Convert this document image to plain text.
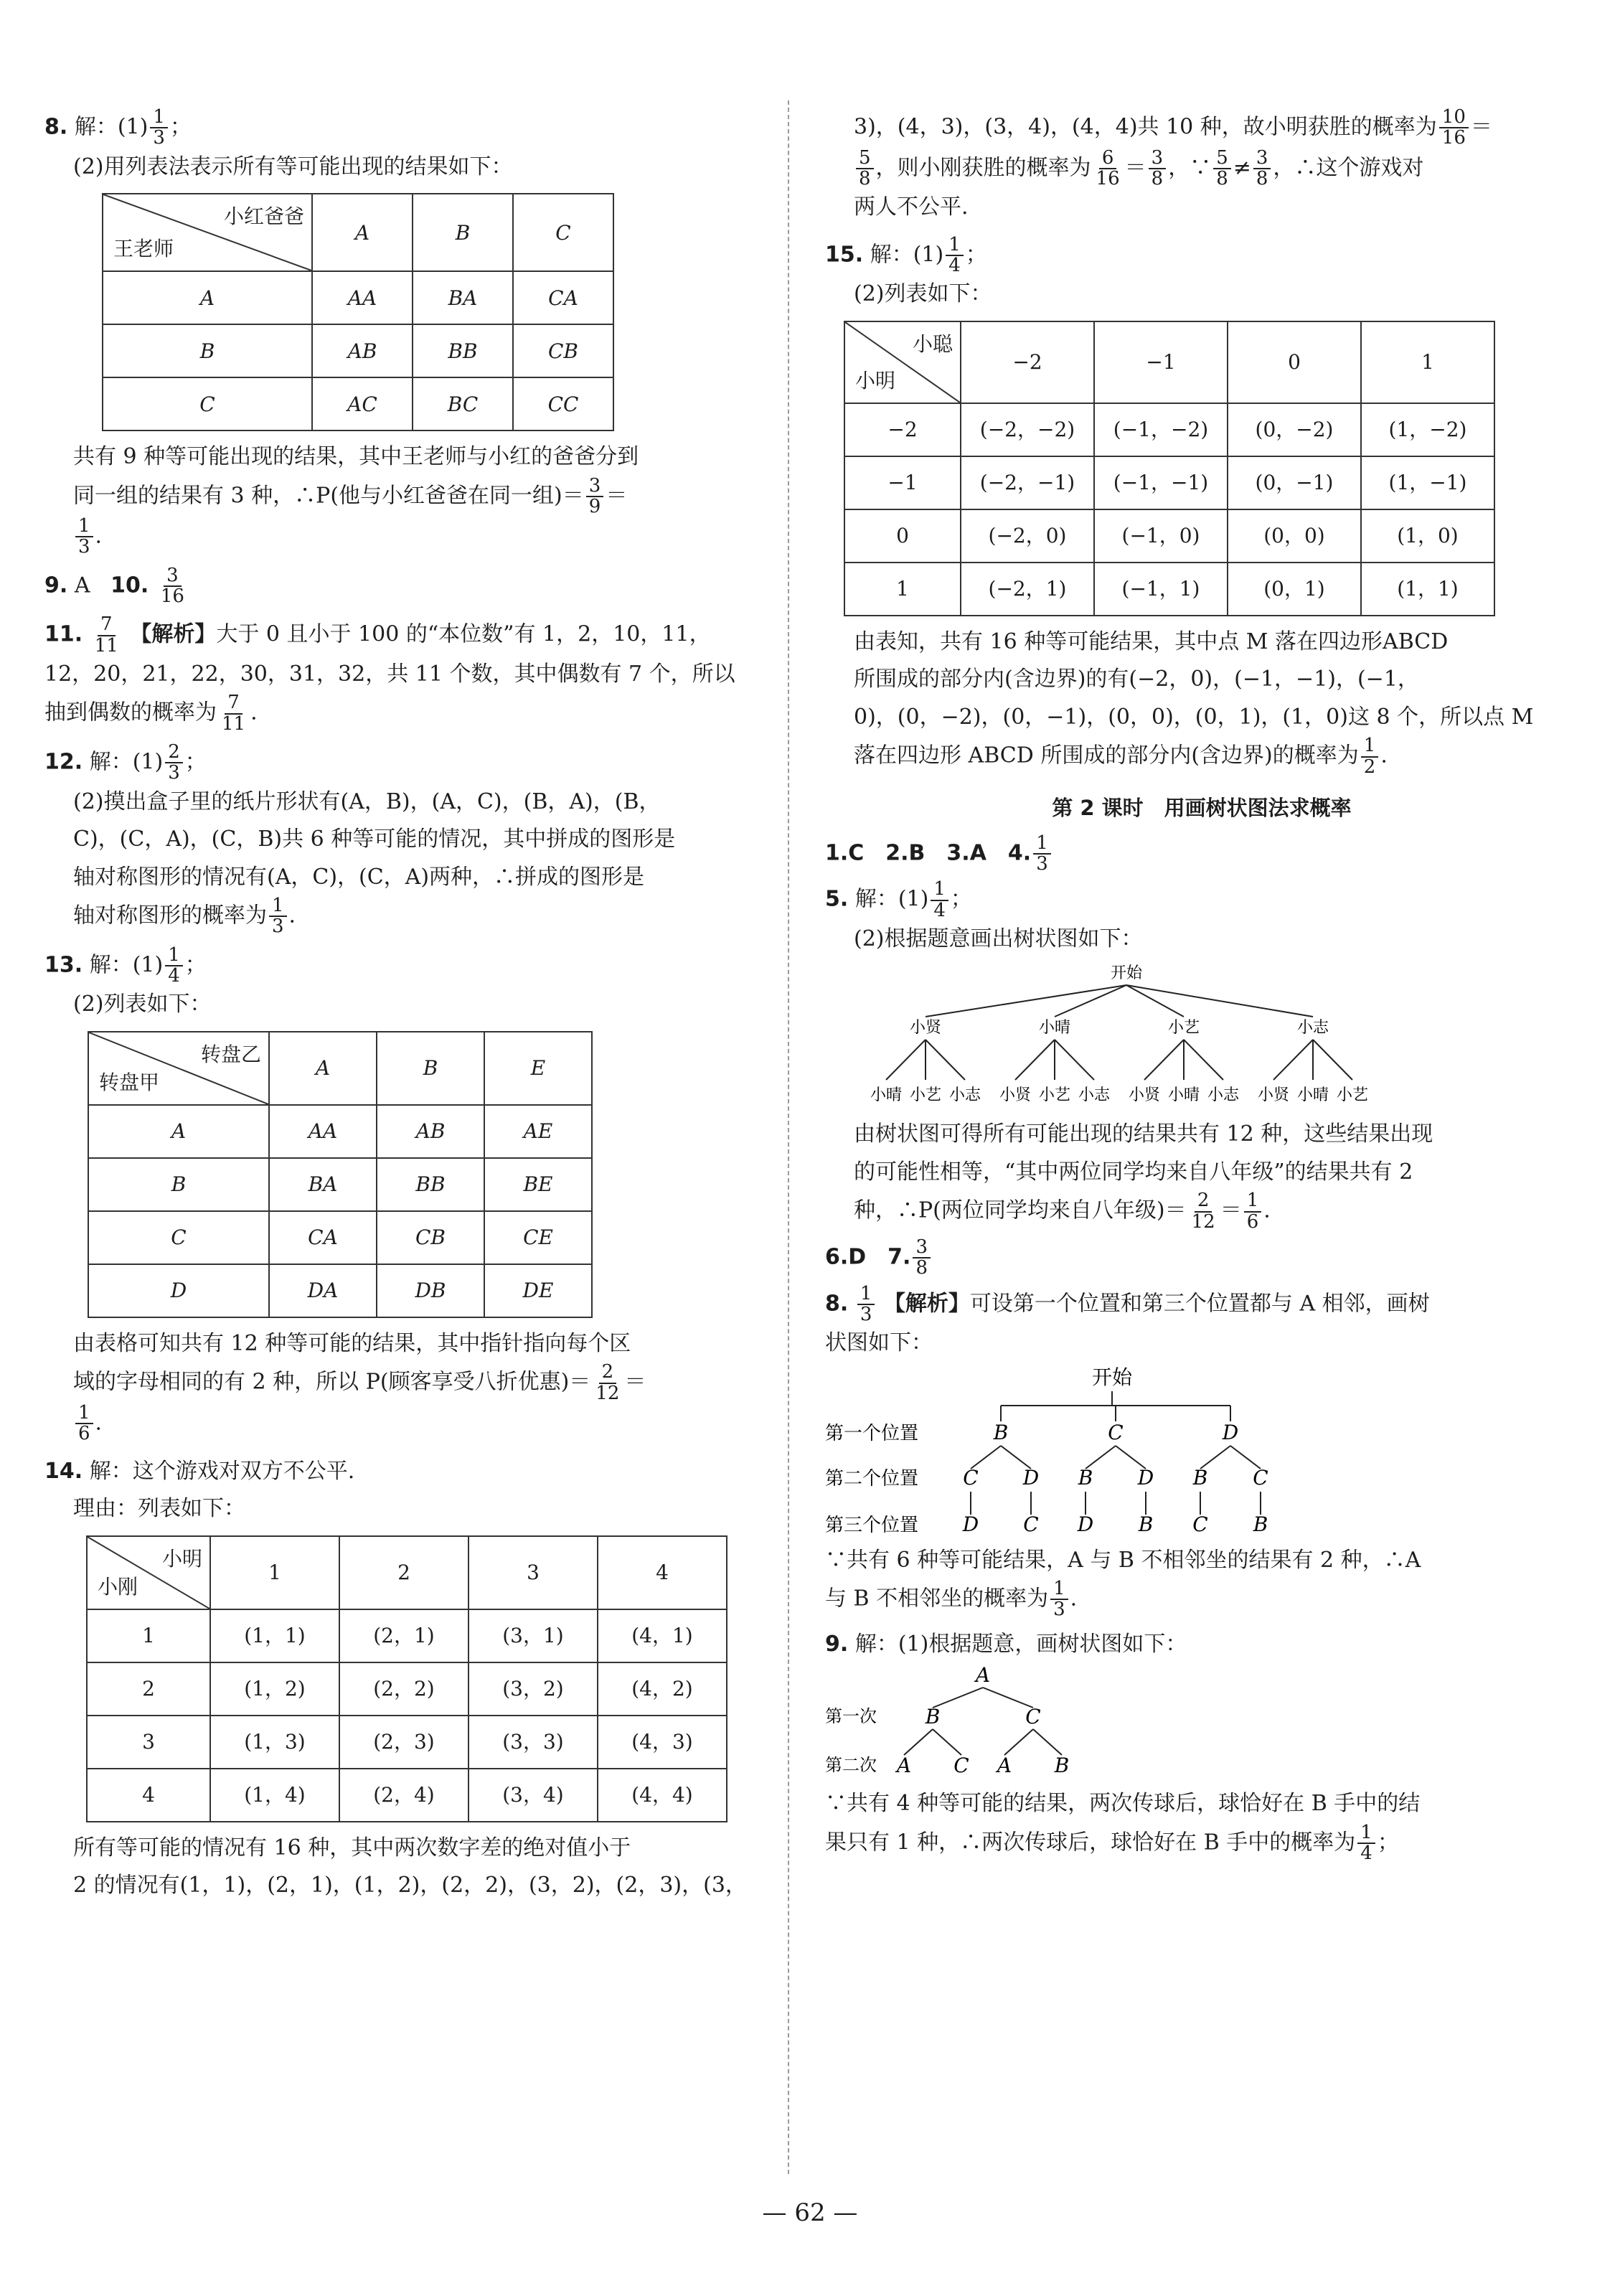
8. 解：$(1) \frac{1}{3}$ ；
(2)用列表法表示所有等可能出现的结果如下：
小红爸爸
王老师	A	B	C
A	AA	BA	CA
B	AB	BB	CB
C	AC	BC	CC
共有 9 种等可能出现的结果，其中王老师与小红的爸爸分到
同一组的结果有 3 种，∴P(他与小红爸爸在同一组)＝ $\frac{3}{9}$ ＝
$\frac{1}{3}$ .
9. A 10. $\frac{3}{16}$
11. $\frac{7}{11}$ 【解析】大于 0 且小于 100 的“本位数”有 1，2，10，11，
12，20，21，22，30，31，32，共 11 个数，其中偶数有 7 个，所以
抽到偶数的概率为 $\frac{7}{11}$ .
12. 解：$(1) \frac{2}{3}$ ；
(2)摸出盒子里的纸片形状有(A，B)，(A，C)，(B，A)，(B，
C)，(C，A)，(C，B)共 6 种等可能的情况，其中拼成的图形是
轴对称图形的情况有(A，C)，(C，A)两种，∴拼成的图形是
轴对称图形的概率为 $\frac{1}{3}$ .
13. 解：$(1) \frac{1}{4}$ ；
(2)列表如下：
转盘乙
转盘甲	A	B	E
A	AA	AB	AE
B	BA	BB	BE
C	CA	CB	CE
D	DA	DB	DE
由表格可知共有 12 种等可能的结果，其中指针指向每个区
域的字母相同的有 2 种，所以 P(顾客享受八折优惠)＝ $\frac{2}{12}$ ＝
$\frac{1}{6}$ .
14. 解：这个游戏对双方不公平.
理由：列表如下：
小明
小刚	1	2	3	4
1	(1，1)	(2，1)	(3，1)	(4，1)
2	(1，2)	(2，2)	(3，2)	(4，2)
3	(1，3)	(2，3)	(3，3)	(4，3)
4	(1，4)	(2，4)	(3，4)	(4，4)
所有等可能的情况有 16 种，其中两次数字差的绝对值小于
2 的情况有(1，1)，(2，1)，(1，2)，(2，2)，(3，2)，(2，3)，(3，
3)，(4，3)，(3，4)，(4，4)共 10 种，故小明获胜的概率为 $\frac{10}{16}$ ＝
$\frac{5}{8}$ ，则小刚获胜的概率为 $\frac{6}{16} = \frac{3}{8}$ ，∵ $\frac{5}{8} \ne \frac{3}{8}$ ，∴这个游戏对
两人不公平.
15. 解：$(1) \frac{1}{4}$ ；
(2)列表如下：
小聪
小明	−2	−1	0	1
−2	(−2，−2)	(−1，−2)	(0，−2)	(1，−2)
−1	(−2，−1)	(−1，−1)	(0，−1)	(1，−1)
0	(−2，0)	(−1，0)	(0，0)	(1，0)
1	(−2，1)	(−1，1)	(0，1)	(1，1)
由表知，共有 16 种等可能结果，其中点 M 落在四边形ABCD
所围成的部分内(含边界)的有(−2，0)，(−1，−1)，(−1，
0)，(0，−2)，(0，−1)，(0，0)，(0，1)，(1，0)这 8 个，所以点 M
落在四边形 ABCD 所围成的部分内(含边界)的概率为 $\frac{1}{2}$ .
第 2 课时　用画树状图法求概率
1.C　2.B　3.A　4. $\frac{1}{3}$
5. 解：$(1) \frac{1}{4}$ ；
(2)根据题意画出树状图如下：
开始
小贤	小晴	小艺	小志
小晴 小艺 小志 小贤 小艺 小志 小贤 小晴 小志 小贤 小晴 小艺
由树状图可得所有可能出现的结果共有 12 种，这些结果出现
的可能性相等，“其中两位同学均来自八年级”的结果共有 2
种，∴P(两位同学均来自八年级)＝ $\frac{2}{12} = \frac{1}{6}$ .
6.D　7. $\frac{3}{8}$
8. $\frac{1}{3}$ 【解析】可设第一个位置和第三个位置都与 A 相邻，画树
状图如下：
第一个位置
第二个位置
第三个位置
开始
B	C	D
C
D
D
C
B
D
D
B
B
C
C
B
∵共有 6 种等可能结果，A 与 B 不相邻坐的结果有 2 种，∴A
与 B 不相邻坐的概率为 $\frac{1}{3}$ .
9. 解：(1)根据题意，画树状图如下：
第一次
第二次
A
B	C
A C A B
∵共有 4 种等可能的结果，两次传球后，球恰好在 B 手中的结
果只有 1 种，∴两次传球后，球恰好在 B 手中的概率为 $\frac{1}{4}$ ；
— 62 —
